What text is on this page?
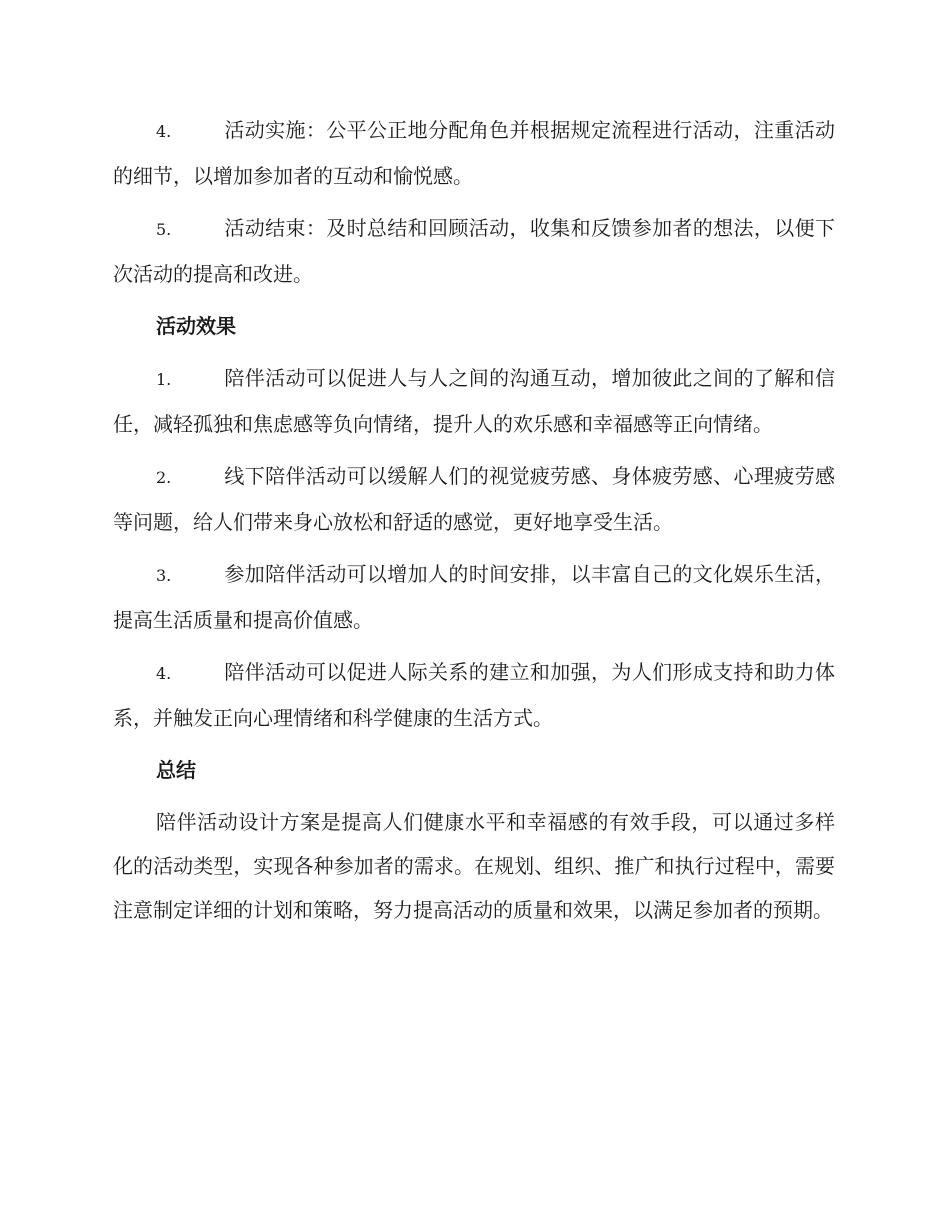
4.	活动实施：公平公正地分配角色并根据规定流程进行活动，注重活动的细节，以增加参加者的互动和愉悦感。

5.	活动结束：及时总结和回顾活动，收集和反馈参加者的想法，以便下次活动的提高和改进。

活动效果

1.	陪伴活动可以促进人与人之间的沟通互动，增加彼此之间的了解和信任，减轻孤独和焦虑感等负向情绪，提升人的欢乐感和幸福感等正向情绪。

2.	线下陪伴活动可以缓解人们的视觉疲劳感、身体疲劳感、心理疲劳感等问题，给人们带来身心放松和舒适的感觉，更好地享受生活。

3.	参加陪伴活动可以增加人的时间安排，以丰富自己的文化娱乐生活，提高生活质量和提高价值感。

4.	陪伴活动可以促进人际关系的建立和加强，为人们形成支持和助力体系，并触发正向心理情绪和科学健康的生活方式。

总结

陪伴活动设计方案是提高人们健康水平和幸福感的有效手段，可以通过多样化的活动类型，实现各种参加者的需求。在规划、组织、推广和执行过程中，需要注意制定详细的计划和策略，努力提高活动的质量和效果，以满足参加者的预期。
